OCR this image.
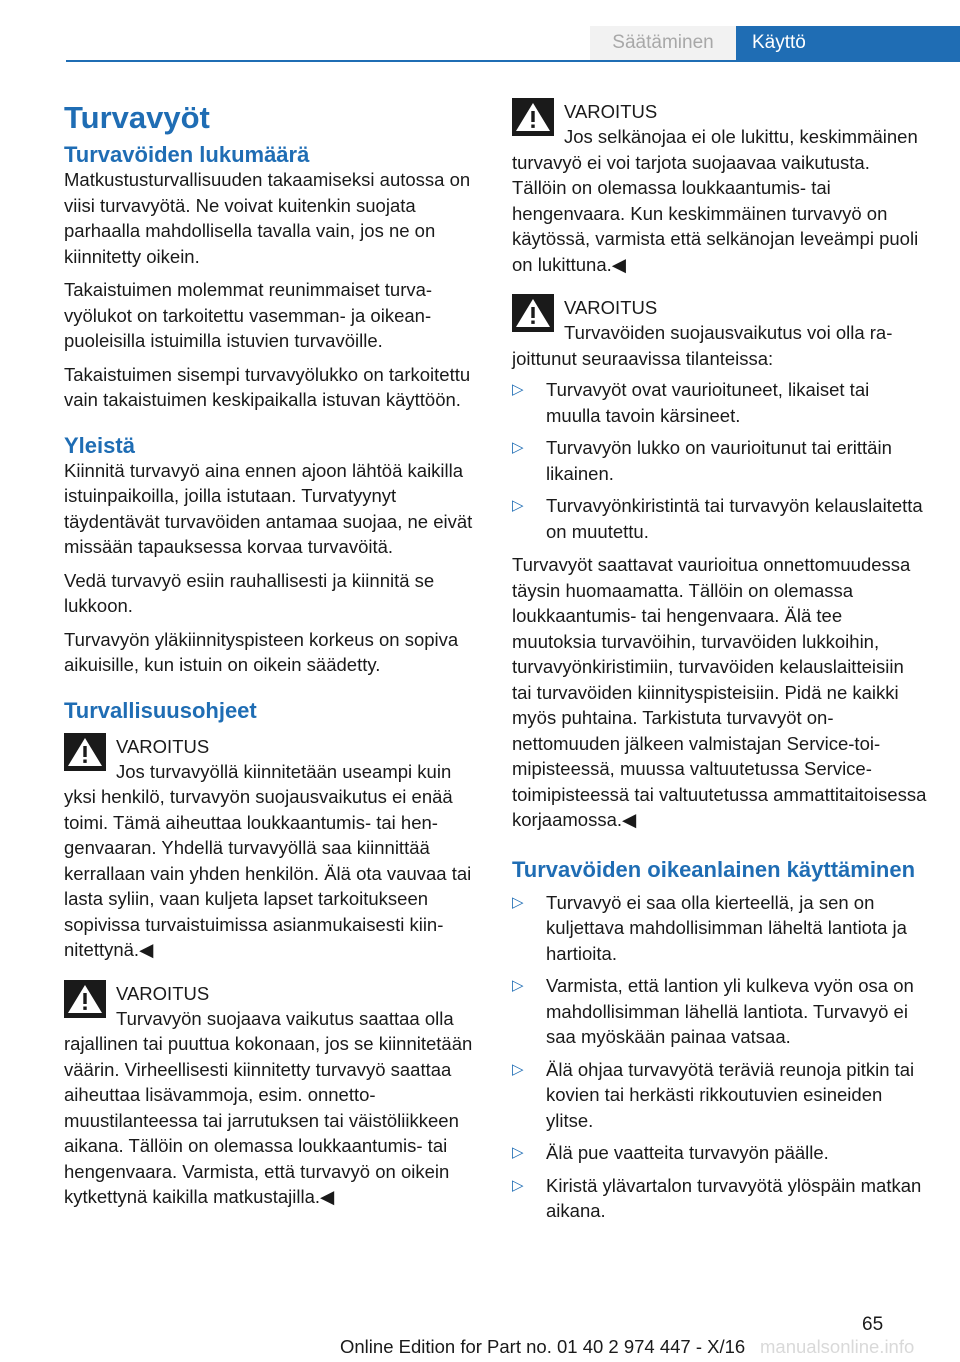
Säätäminen	Käyttö
Turvavyöt
Turvavöiden lukumäärä

Matkustusturvallisuuden takaamiseksi autossa on viisi turvavyötä. Ne voivat kuitenkin suojata parhaalla mahdollisella tavalla vain, jos ne on kiinnitetty oikein.

Takaistuimen molemmat reunimmaiset turvavyölukot on tarkoitettu vasemman- ja oikeanpuoleisilla istuimilla istuvien turvavöille.

Takaistuimen sisempi turvavyölukko on tarkoitettu vain takaistuimen keskipaikalla istuvan käyttöön.

Yleistä

Kiinnitä turvavyö aina ennen ajoon lähtöä kaikilla istuinpaikoilla, joilla istutaan. Turvatyynyt täydentävät turvavöiden antamaa suojaa, ne eivät missään tapauksessa korvaa turvavöitä.

Vedä turvavyö esiin rauhallisesti ja kiinnitä se lukkoon.

Turvavyön yläkiinnityspisteen korkeus on sopiva aikuisille, kun istuin on oikein säädetty.

Turvallisuusohjeet
VAROITUS
Jos turvavyöllä kiinnitetään useampi kuin yksi henkilö, turvavyön suojausvaikutus ei enää toimi. Tämä aiheuttaa loukkaantumis- tai hengenvaaran. Yhdellä turvavyöllä saa kiinnittää kerrallaan vain yhden henkilön. Älä ota vauvaa tai lasta syliin, vaan kuljeta lapset tarkoitukseen sopivissa turvaistuimissa asianmukaisesti kiinnitettynä.◀
VAROITUS
Turvavyön suojaava vaikutus saattaa olla rajallinen tai puuttua kokonaan, jos se kiinnitetään väärin. Virheellisesti kiinnitetty turvavyö saattaa aiheuttaa lisävammoja, esim. onnettomuustilanteessa tai jarrutuksen tai väistöliikkeen aikana. Tällöin on olemassa loukkaantumis- tai hengenvaara. Varmista, että turvavyö on oikein kytkettynä kaikilla matkustajilla.◀
VAROITUS
Jos selkänojaa ei ole lukittu, keskimmäinen turvavyö ei voi tarjota suojaavaa vaikutusta. Tällöin on olemassa loukkaantumis- tai hengenvaara. Kun keskimmäinen turvavyö on käytössä, varmista että selkänojan leveämpi puoli on lukittuna.◀
VAROITUS
Turvavöiden suojausvaikutus voi olla rajoittunut seuraavissa tilanteissa:
▷	Turvavyöt ovat vaurioituneet, likaiset tai muulla tavoin kärsineet.
▷	Turvavyön lukko on vaurioitunut tai erittäin likainen.
▷	Turvavyönkiristintä tai turvavyön kelauslaitetta on muutettu.

Turvavyöt saattavat vaurioitua onnettomuudessa täysin huomaamatta. Tällöin on olemassa loukkaantumis- tai hengenvaara. Älä tee muutoksia turvavöihin, turvavöiden lukkoihin, turvavyönkiristimiin, turvavöiden kelauslaitteisiin tai turvavöiden kiinnityspisteisiin. Pidä ne kaikki myös puhtaina. Tarkistuta turvavyöt onnettomuuden jälkeen valmistajan Service-toimipisteessä, muussa valtuutetussa Service-toimipisteessä tai valtuutetussa ammattitaitoisessa korjaamossa.◀

Turvavöiden oikeanlainen käyttäminen
▷	Turvavyö ei saa olla kierteellä, ja sen on kuljettava mahdollisimman läheltä lantiota ja hartioita.
▷	Varmista, että lantion yli kulkeva vyön osa on mahdollisimman lähellä lantiota. Turvavyö ei saa myöskään painaa vatsaa.
▷	Älä ohjaa turvavyötä teräviä reunoja pitkin tai kovien tai herkästi rikkoutuvien esineiden ylitse.
▷	Älä pue vaatteita turvavyön päälle.
▷	Kiristä ylävartalon turvavyötä ylöspäin matkan aikana.
65
Online Edition for Part no. 01 40 2 974 447 - X/16 manualsonline.info
